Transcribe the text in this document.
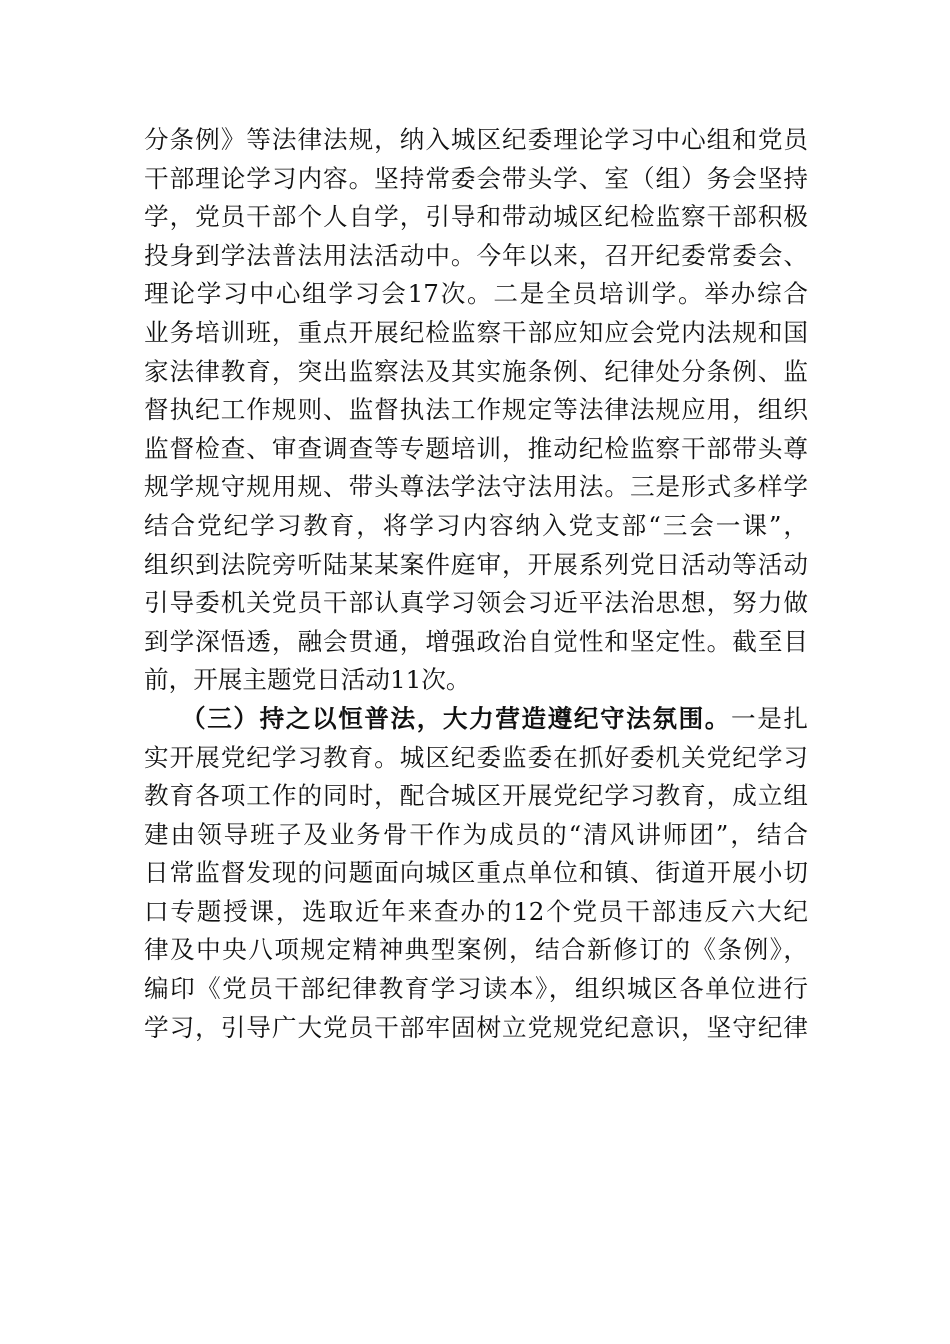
分条例》等法律法规，纳入城区纪委理论学习中心组和党员
干部理论学习内容。坚持常委会带头学、室（组）务会坚持
学，党员干部个人自学，引导和带动城区纪检监察干部积极
投身到学法普法用法活动中。今年以来，召开纪委常委会、
理论学习中心组学习会17次。二是全员培训学。举办综合
业务培训班，重点开展纪检监察干部应知应会党内法规和国
家法律教育，突出监察法及其实施条例、纪律处分条例、监
督执纪工作规则、监督执法工作规定等法律法规应用，组织
监督检查、审查调查等专题培训，推动纪检监察干部带头尊
规学规守规用规、带头尊法学法守法用法。三是形式多样学
结合党纪学习教育，将学习内容纳入党支部“三会一课”，
组织到法院旁听陆某某案件庭审，开展系列党日活动等活动
引导委机关党员干部认真学习领会习近平法治思想，努力做
到学深悟透，融会贯通，增强政治自觉性和坚定性。截至目
前，开展主题党日活动11次。
（三）持之以恒普法，大力营造遵纪守法氛围。一是扎
实开展党纪学习教育。城区纪委监委在抓好委机关党纪学习
教育各项工作的同时，配合城区开展党纪学习教育，成立组
建由领导班子及业务骨干作为成员的“清风讲师团”，结合
日常监督发现的问题面向城区重点单位和镇、街道开展小切
口专题授课，选取近年来查办的12个党员干部违反六大纪
律及中央八项规定精神典型案例，结合新修订的《条例》，
编印《党员干部纪律教育学习读本》，组织城区各单位进行
学习，引导广大党员干部牢固树立党规党纪意识，坚守纪律
